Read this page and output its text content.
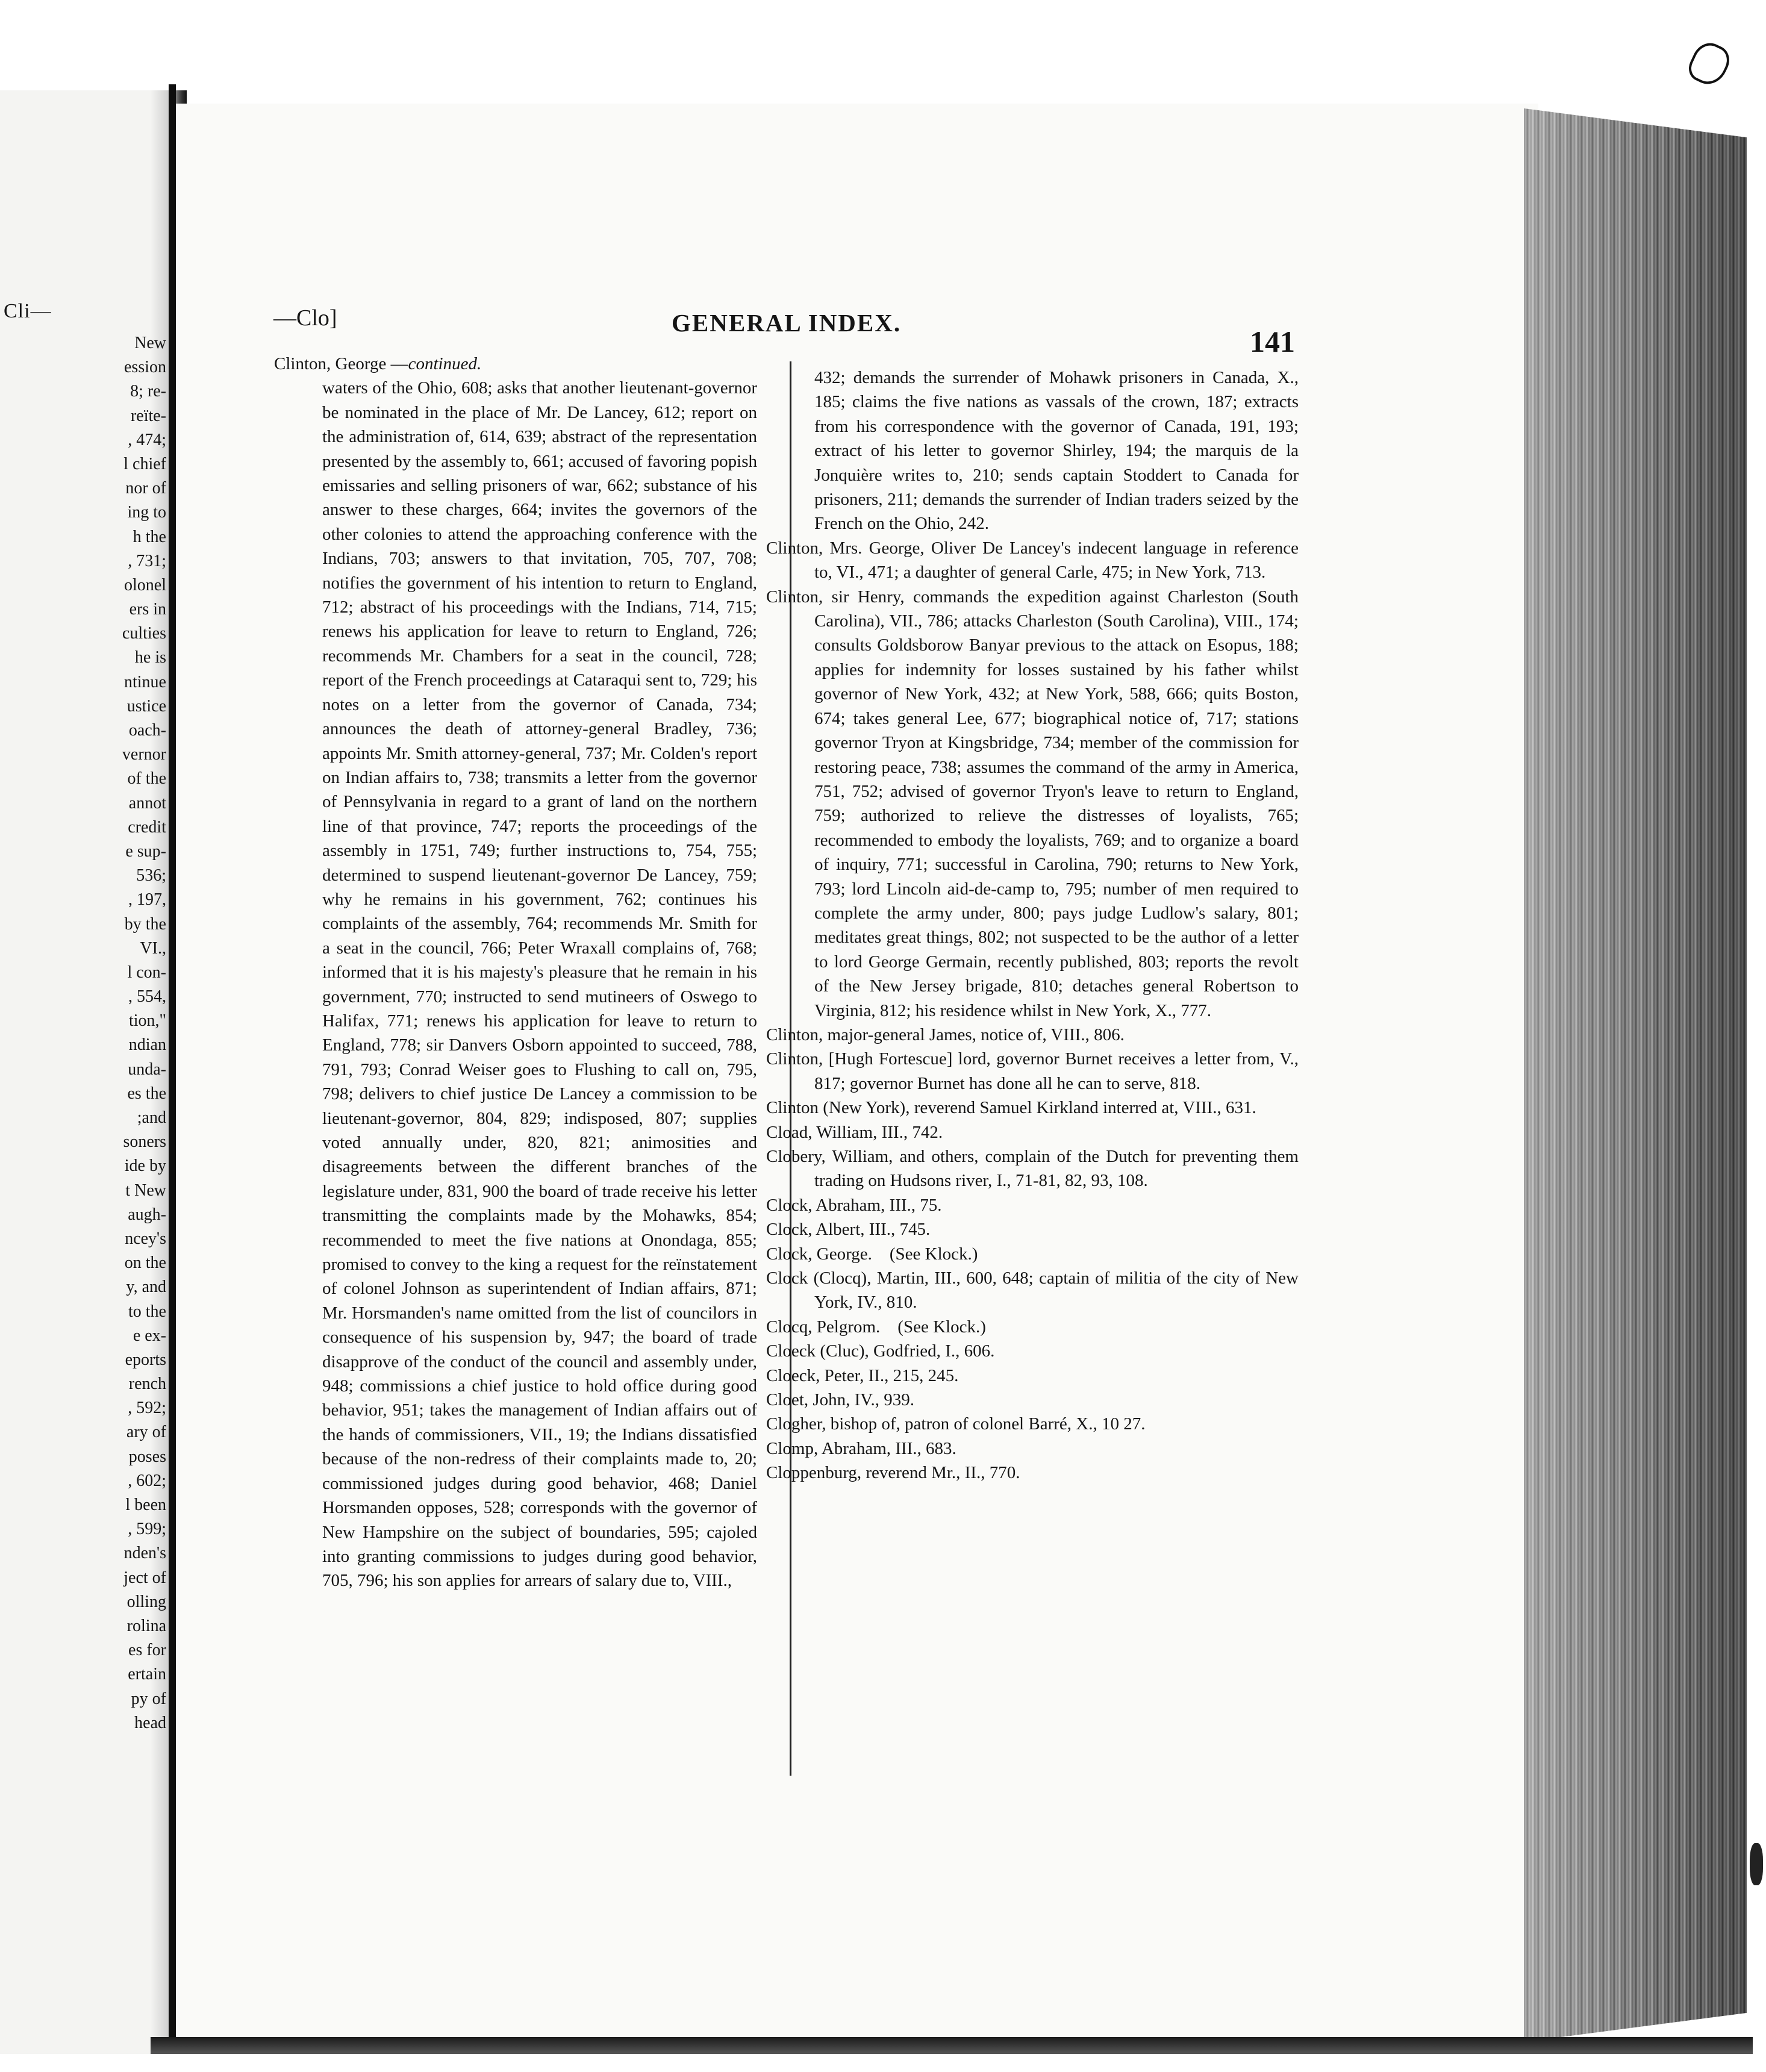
Cli—
New
ession
8; re-
reïte-
, 474;
l chief
nor of
ing to
h the
, 731;
olonel
ers in
culties
he is
ntinue
ustice
oach-
vernor
of the
annot
credit
e sup-
536;
, 197,
by the
VI.,
l con-
, 554,
tion,"
ndian
unda-
es the
;and
soners
ide by
t New
augh-
ncey's
on the
y, and
to the
e ex-
eports
rench
, 592;
ary of
poses
, 602;
l been
, 599;
nden's
ject of
olling
rolina
es for
ertain
py of
head
—Clo]	GENERAL INDEX.
141
Clinton, George —continued.
waters of the Ohio, 608; asks that another lieutenant-governor be nominated in the place of Mr. De Lancey, 612; report on the administration of, 614, 639; abstract of the representation presented by the assembly to, 661; accused of favoring popish emissaries and selling prisoners of war, 662; substance of his answer to these charges, 664; invites the governors of the other colonies to attend the approaching conference with the Indians, 703; answers to that invitation, 705, 707, 708; notifies the government of his intention to return to England, 712; abstract of his proceedings with the Indians, 714, 715; renews his application for leave to return to England, 726; recommends Mr. Chambers for a seat in the council, 728; report of the French proceedings at Cataraqui sent to, 729; his notes on a letter from the governor of Canada, 734; announces the death of attorney-general Bradley, 736; appoints Mr. Smith attorney-general, 737; Mr. Colden's report on Indian affairs to, 738; transmits a letter from the governor of Pennsylvania in regard to a grant of land on the northern line of that province, 747; reports the proceedings of the assembly in 1751, 749; further instructions to, 754, 755; determined to suspend lieutenant-governor De Lancey, 759; why he remains in his government, 762; continues his complaints of the assembly, 764; recommends Mr. Smith for a seat in the council, 766; Peter Wraxall complains of, 768; informed that it is his majesty's pleasure that he remain in his government, 770; instructed to send mutineers of Oswego to Halifax, 771; renews his application for leave to return to England, 778; sir Danvers Osborn appointed to succeed, 788, 791, 793; Conrad Weiser goes to Flushing to call on, 795, 798; delivers to chief justice De Lancey a commission to be lieutenant-governor, 804, 829; indisposed, 807; supplies voted annually under, 820, 821; animosities and disagreements between the different branches of the legislature under, 831, 900 the board of trade receive his letter transmitting the complaints made by the Mohawks, 854; recommended to meet the five nations at Onondaga, 855; promised to convey to the king a request for the reïnstatement of colonel Johnson as superintendent of Indian affairs, 871; Mr. Horsmanden's name omitted from the list of councilors in consequence of his suspension by, 947; the board of trade disapprove of the conduct of the council and assembly under, 948; commissions a chief justice to hold office during good behavior, 951; takes the management of Indian affairs out of the hands of commissioners, VII., 19; the Indians dissatisfied because of the non-redress of their complaints made to, 20; commissioned judges during good behavior, 468; Daniel Horsmanden opposes, 528; corresponds with the governor of New Hampshire on the subject of boundaries, 595; cajoled into granting commissions to judges during good behavior, 705, 796; his son applies for arrears of salary due to, VIII.,
432; demands the surrender of Mohawk prisoners in Canada, X., 185; claims the five nations as vassals of the crown, 187; extracts from his correspondence with the governor of Canada, 191, 193; extract of his letter to governor Shirley, 194; the marquis de la Jonquière writes to, 210; sends captain Stoddert to Canada for prisoners, 211; demands the surrender of Indian traders seized by the French on the Ohio, 242.
Clinton, Mrs. George, Oliver De Lancey's indecent language in reference to, VI., 471; a daughter of general Carle, 475; in New York, 713.
Clinton, sir Henry, commands the expedition against Charleston (South Carolina), VII., 786; attacks Charleston (South Carolina), VIII., 174; consults Goldsborow Banyar previous to the attack on Esopus, 188; applies for indemnity for losses sustained by his father whilst governor of New York, 432; at New York, 588, 666; quits Boston, 674; takes general Lee, 677; biographical notice of, 717; stations governor Tryon at Kingsbridge, 734; member of the commission for restoring peace, 738; assumes the command of the army in America, 751, 752; advised of governor Tryon's leave to return to England, 759; authorized to relieve the distresses of loyalists, 765; recommended to embody the loyalists, 769; and to organize a board of inquiry, 771; successful in Carolina, 790; returns to New York, 793; lord Lincoln aid-de-camp to, 795; number of men required to complete the army under, 800; pays judge Ludlow's salary, 801; meditates great things, 802; not suspected to be the author of a letter to lord George Germain, recently published, 803; reports the revolt of the New Jersey brigade, 810; detaches general Robertson to Virginia, 812; his residence whilst in New York, X., 777.
Clinton, major-general James, notice of, VIII., 806.
Clinton, [Hugh Fortescue] lord, governor Burnet receives a letter from, V., 817; governor Burnet has done all he can to serve, 818.
Clinton (New York), reverend Samuel Kirkland interred at, VIII., 631.
Cload, William, III., 742.
Clobery, William, and others, complain of the Dutch for preventing them trading on Hudsons river, I., 71-81, 82, 93, 108.
Clock, Abraham, III., 75.
Clock, Albert, III., 745.
Clock, George.  (See Klock.)
Clock (Clocq), Martin, III., 600, 648; captain of militia of the city of New York, IV., 810.
Clocq, Pelgrom.  (See Klock.)
Cloeck (Cluc), Godfried, I., 606.
Cloeck, Peter, II., 215, 245.
Cloet, John, IV., 939.
Clogher, bishop of, patron of colonel Barré, X., 10 27.
Clomp, Abraham, III., 683.
Cloppenburg, reverend Mr., II., 770.
